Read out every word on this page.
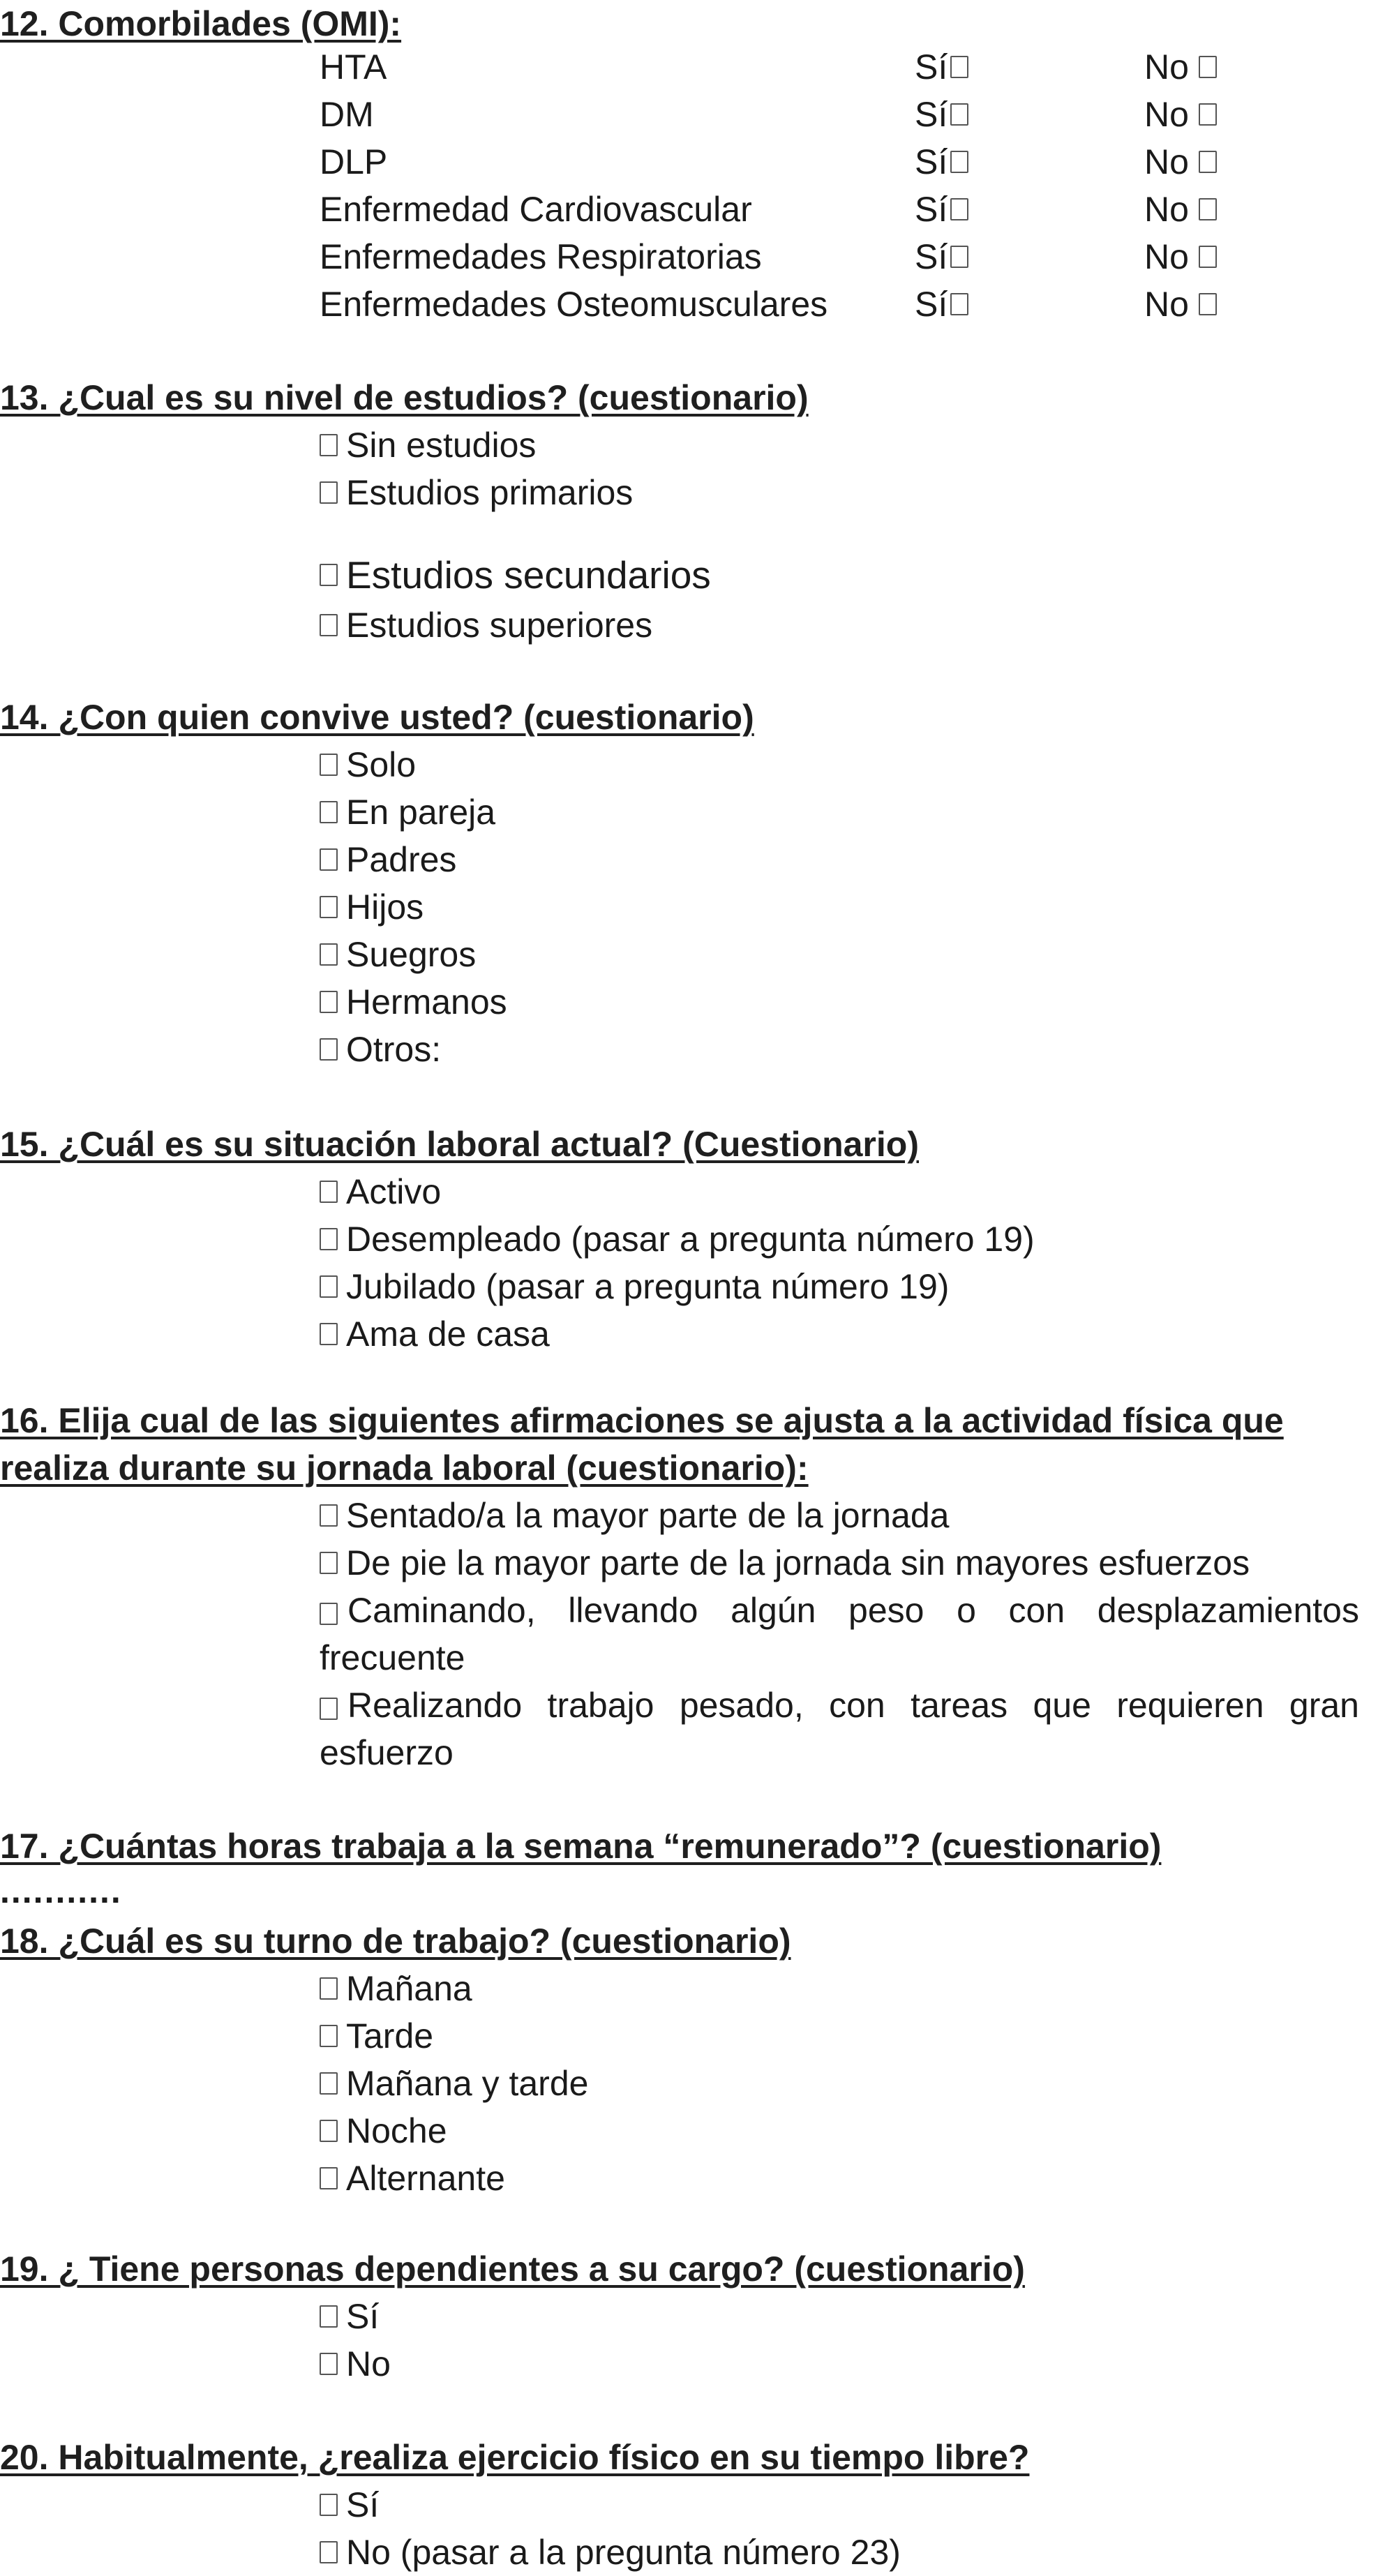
12. Comorbilades (OMI):
HTA	Sí	No
DM	Sí	No
DLP	Sí	No
Enfermedad Cardiovascular	Sí	No
Enfermedades Respiratorias	Sí	No
Enfermedades Osteomusculares Sí	No
13. ¿Cual es su nivel de estudios? (cuestionario)
Sin estudios
Estudios primarios
Estudios secundarios
Estudios superiores
14. ¿Con quien convive usted? (cuestionario)
Solo
En pareja
Padres
Hijos
Suegros
Hermanos
Otros:
15. ¿Cuál es su situación laboral actual? (Cuestionario)
Activo
Desempleado (pasar a pregunta número 19)
Jubilado (pasar a pregunta número 19)
Ama de casa
16. Elija cual de las siguientes afirmaciones se ajusta a la actividad física que realiza durante su jornada laboral (cuestionario):
Sentado/a la mayor parte de la jornada
De pie la mayor parte de la jornada sin mayores esfuerzos
Caminando, llevando algún peso o con desplazamientos frecuente
Realizando trabajo pesado, con tareas que requieren gran esfuerzo
17. ¿Cuántas horas trabaja a la semana “remunerado”? (cuestionario)
...........
18. ¿Cuál es su turno de trabajo? (cuestionario)
Mañana
Tarde
Mañana y tarde
Noche
Alternante
19. ¿ Tiene personas dependientes a su cargo? (cuestionario)
Sí
No
20. Habitualmente, ¿realiza ejercicio físico en su tiempo libre?
Sí
No (pasar a la pregunta número 23)
